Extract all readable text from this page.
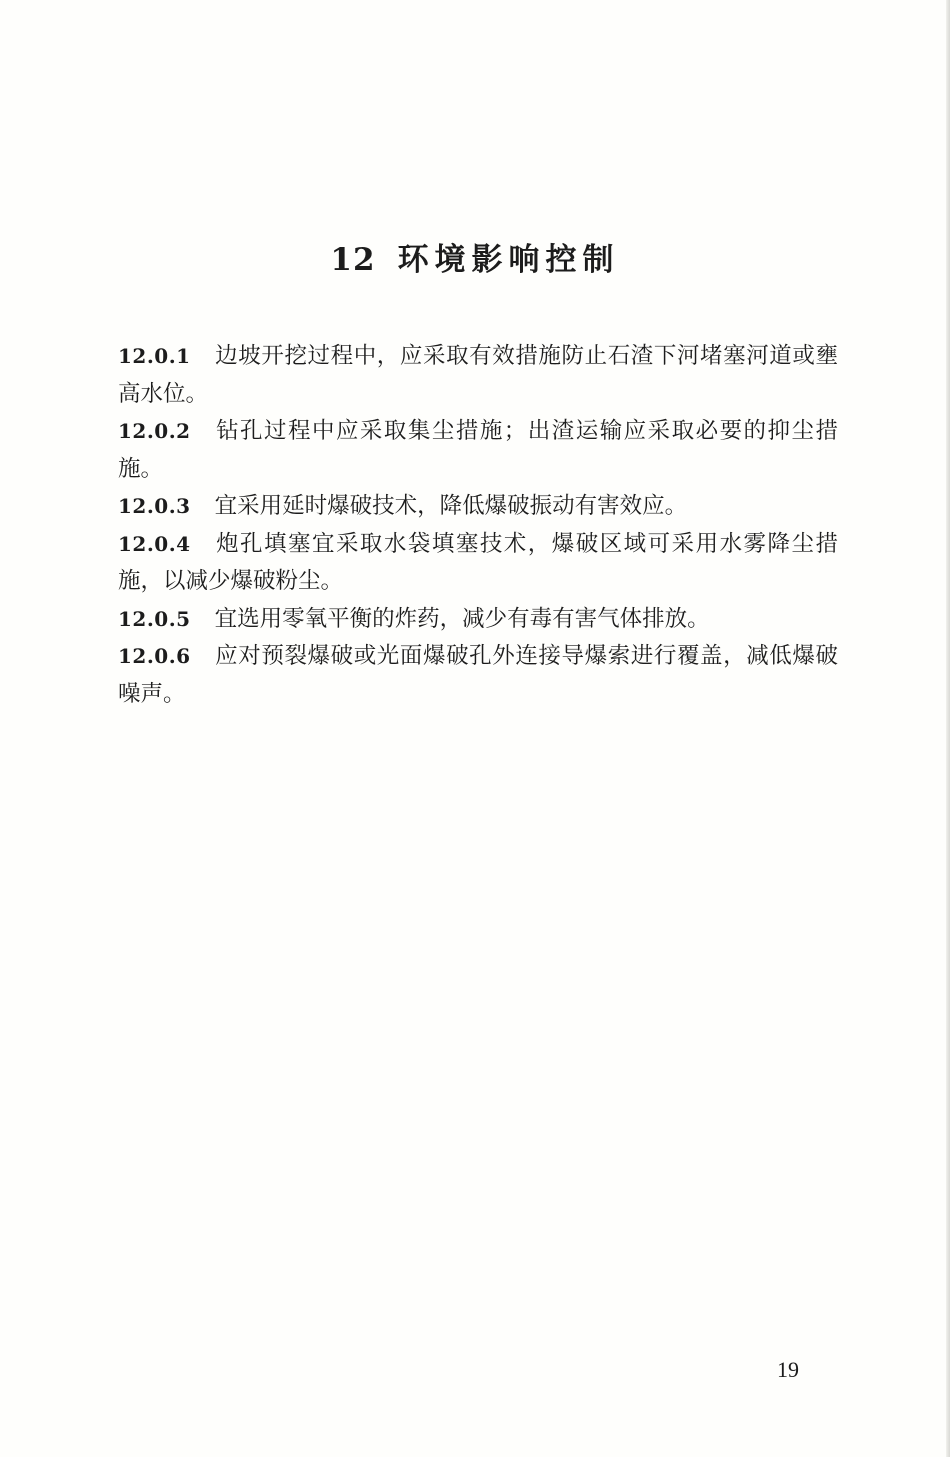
12 环境影响控制

12.0.1 边坡开挖过程中，应采取有效措施防止石渣下河堵塞河道或壅高水位。

12.0.2 钻孔过程中应采取集尘措施；出渣运输应采取必要的抑尘措施。

12.0.3 宜采用延时爆破技术，降低爆破振动有害效应。

12.0.4 炮孔填塞宜采取水袋填塞技术，爆破区域可采用水雾降尘措施，以减少爆破粉尘。

12.0.5 宜选用零氧平衡的炸药，减少有毒有害气体排放。

12.0.6 应对预裂爆破或光面爆破孔外连接导爆索进行覆盖，减低爆破噪声。

19
